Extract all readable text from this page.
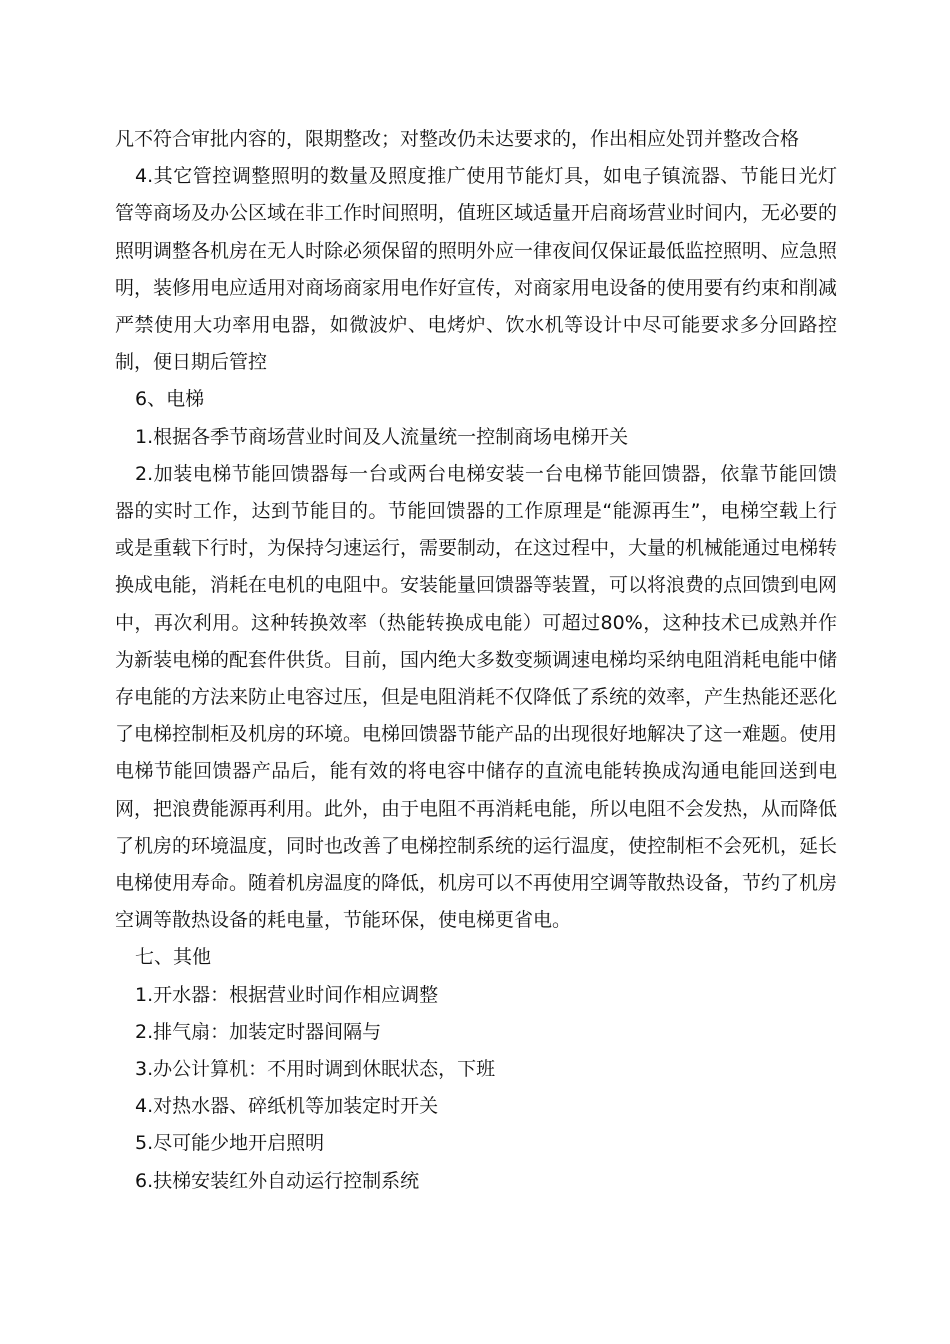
凡不符合审批内容的，限期整改；对整改仍未达要求的，作出相应处罚并整改合格

4.其它管控调整照明的数量及照度推广使用节能灯具，如电子镇流器、节能日光灯管等商场及办公区域在非工作时间照明，值班区域适量开启商场营业时间内，无必要的照明调整各机房在无人时除必须保留的照明外应一律夜间仅保证最低监控照明、应急照明，装修用电应适用对商场商家用电作好宣传，对商家用电设备的使用要有约束和削减严禁使用大功率用电器，如微波炉、电烤炉、饮水机等设计中尽可能要求多分回路控制，便日期后管控

6、电梯

1.根据各季节商场营业时间及人流量统一控制商场电梯开关

2.加装电梯节能回馈器每一台或两台电梯安装一台电梯节能回馈器，依靠节能回馈器的实时工作，达到节能目的。节能回馈器的工作原理是“能源再生”，电梯空载上行或是重载下行时，为保持匀速运行，需要制动，在这过程中，大量的机械能通过电梯转换成电能，消耗在电机的电阻中。安装能量回馈器等装置，可以将浪费的点回馈到电网中，再次利用。这种转换效率（热能转换成电能）可超过80%，这种技术已成熟并作为新装电梯的配套件供货。目前，国内绝大多数变频调速电梯均采纳电阻消耗电能中储存电能的方法来防止电容过压，但是电阻消耗不仅降低了系统的效率，产生热能还恶化了电梯控制柜及机房的环境。电梯回馈器节能产品的出现很好地解决了这一难题。使用电梯节能回馈器产品后，能有效的将电容中储存的直流电能转换成沟通电能回送到电网，把浪费能源再利用。此外，由于电阻不再消耗电能，所以电阻不会发热，从而降低了机房的环境温度，同时也改善了电梯控制系统的运行温度，使控制柜不会死机，延长电梯使用寿命。随着机房温度的降低，机房可以不再使用空调等散热设备，节约了机房空调等散热设备的耗电量，节能环保，使电梯更省电。

七、其他

1.开水器：根据营业时间作相应调整

2.排气扇：加装定时器间隔与

3.办公计算机：不用时调到休眠状态，下班

4.对热水器、碎纸机等加装定时开关

5.尽可能少地开启照明

6.扶梯安装红外自动运行控制系统
